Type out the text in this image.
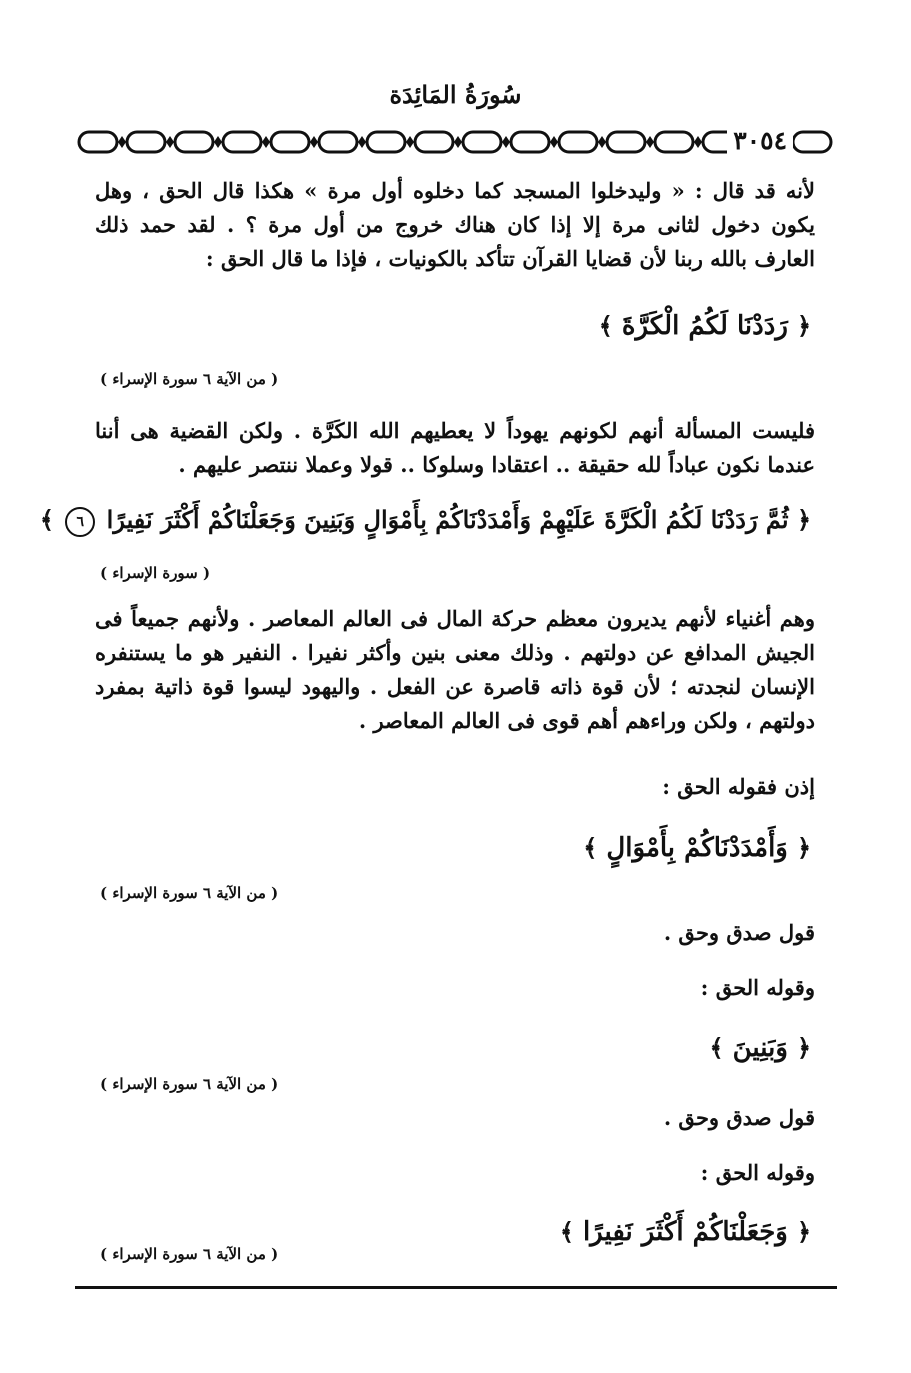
سُورَةُ المَائِدَة
٣٠٥٤
لأنه قد قال : « وليدخلوا المسجد كما دخلوه أول مرة » هكذا قال الحق ، وهل يكون دخول لثانى مرة إلا إذا كان هناك خروج من أول مرة ؟ . لقد حمد ذلك العارف بالله ربنا لأن قضايا القرآن تتأكد بالكونيات ، فإذا ما قال الحق :
﴿ رَدَدْنَا لَكُمُ الْكَرَّةَ ﴾
( من الآية ٦ سورة الإسراء )
فليست المسألة أنهم لكونهم يهوداً لا يعطيهم الله الكَرَّة . ولكن القضية هى أننا عندما نكون عباداً لله حقيقة .. اعتقادا وسلوكا .. قولا وعملا ننتصر عليهم .
﴿ ثُمَّ رَدَدْنَا لَكُمُ الْكَرَّةَ عَلَيْهِمْ وَأَمْدَدْنَاكُمْ بِأَمْوَالٍ وَبَنِينَ وَجَعَلْنَاكُمْ أَكْثَرَ نَفِيرًا ٦ ﴾
( سورة الإسراء )
وهم أغنياء لأنهم يديرون معظم حركة المال فى العالم المعاصر . ولأنهم جميعاً فى الجيش المدافع عن دولتهم . وذلك معنى بنين وأكثر نفيرا . النفير هو ما يستنفره الإنسان لنجدته ؛ لأن قوة ذاته قاصرة عن الفعل . واليهود ليسوا قوة ذاتية بمفرد دولتهم ، ولكن وراءهم أهم قوى فى العالم المعاصر .
إذن فقوله الحق :
﴿ وَأَمْدَدْنَاكُمْ بِأَمْوَالٍ ﴾
( من الآية ٦ سورة الإسراء )
قول صدق وحق .
وقوله الحق :
﴿ وَبَنِينَ ﴾
( من الآية ٦ سورة الإسراء )
قول صدق وحق .
وقوله الحق :
﴿ وَجَعَلْنَاكُمْ أَكْثَرَ نَفِيرًا ﴾
( من الآية ٦ سورة الإسراء )
